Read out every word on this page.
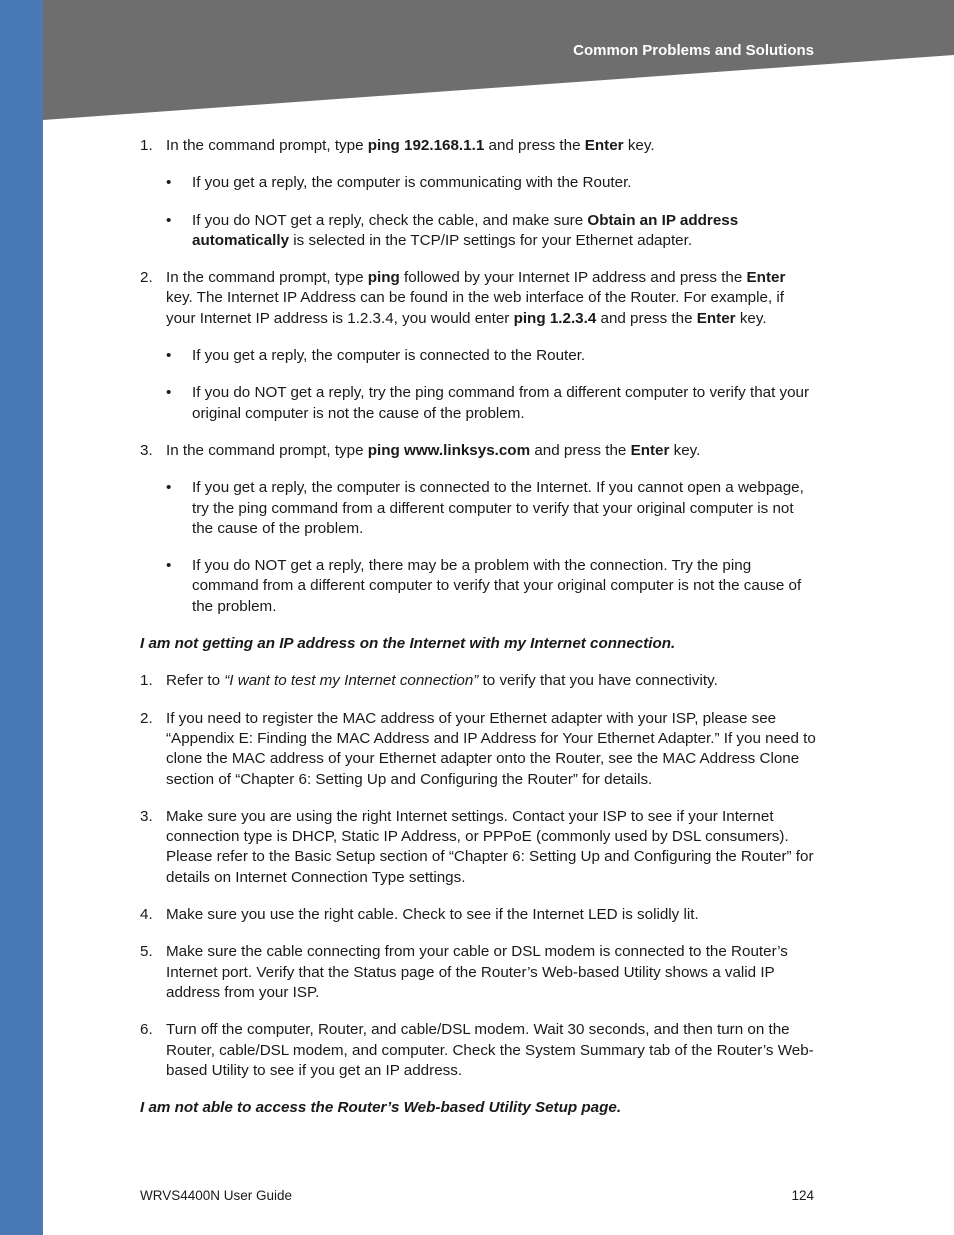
Common Problems and Solutions
1. In the command prompt, type ping 192.168.1.1 and press the Enter key.
• If you get a reply, the computer is communicating with the Router.
• If you do NOT get a reply, check the cable, and make sure Obtain an IP address automatically is selected in the TCP/IP settings for your Ethernet adapter.
2. In the command prompt, type ping followed by your Internet IP address and press the Enter key. The Internet IP Address can be found in the web interface of the Router. For example, if your Internet IP address is 1.2.3.4, you would enter ping 1.2.3.4 and press the Enter key.
• If you get a reply, the computer is connected to the Router.
• If you do NOT get a reply, try the ping command from a different computer to verify that your original computer is not the cause of the problem.
3. In the command prompt, type ping www.linksys.com and press the Enter key.
• If you get a reply, the computer is connected to the Internet. If you cannot open a webpage, try the ping command from a different computer to verify that your original computer is not the cause of the problem.
• If you do NOT get a reply, there may be a problem with the connection. Try the ping command from a different computer to verify that your original computer is not the cause of the problem.
I am not getting an IP address on the Internet with my Internet connection.
1. Refer to “I want to test my Internet connection” to verify that you have connectivity.
2. If you need to register the MAC address of your Ethernet adapter with your ISP, please see “Appendix E: Finding the MAC Address and IP Address for Your Ethernet Adapter.” If you need to clone the MAC address of your Ethernet adapter onto the Router, see the MAC Address Clone section of “Chapter 6: Setting Up and Configuring the Router” for details.
3. Make sure you are using the right Internet settings. Contact your ISP to see if your Internet connection type is DHCP, Static IP Address, or PPPoE (commonly used by DSL consumers). Please refer to the Basic Setup section of “Chapter 6: Setting Up and Configuring the Router” for details on Internet Connection Type settings.
4. Make sure you use the right cable. Check to see if the Internet LED is solidly lit.
5. Make sure the cable connecting from your cable or DSL modem is connected to the Router’s Internet port. Verify that the Status page of the Router’s Web-based Utility shows a valid IP address from your ISP.
6. Turn off the computer, Router, and cable/DSL modem. Wait 30 seconds, and then turn on the Router, cable/DSL modem, and computer. Check the System Summary tab of the Router’s Web-based Utility to see if you get an IP address.
I am not able to access the Router’s Web-based Utility Setup page.
WRVS4400N User Guide	124
